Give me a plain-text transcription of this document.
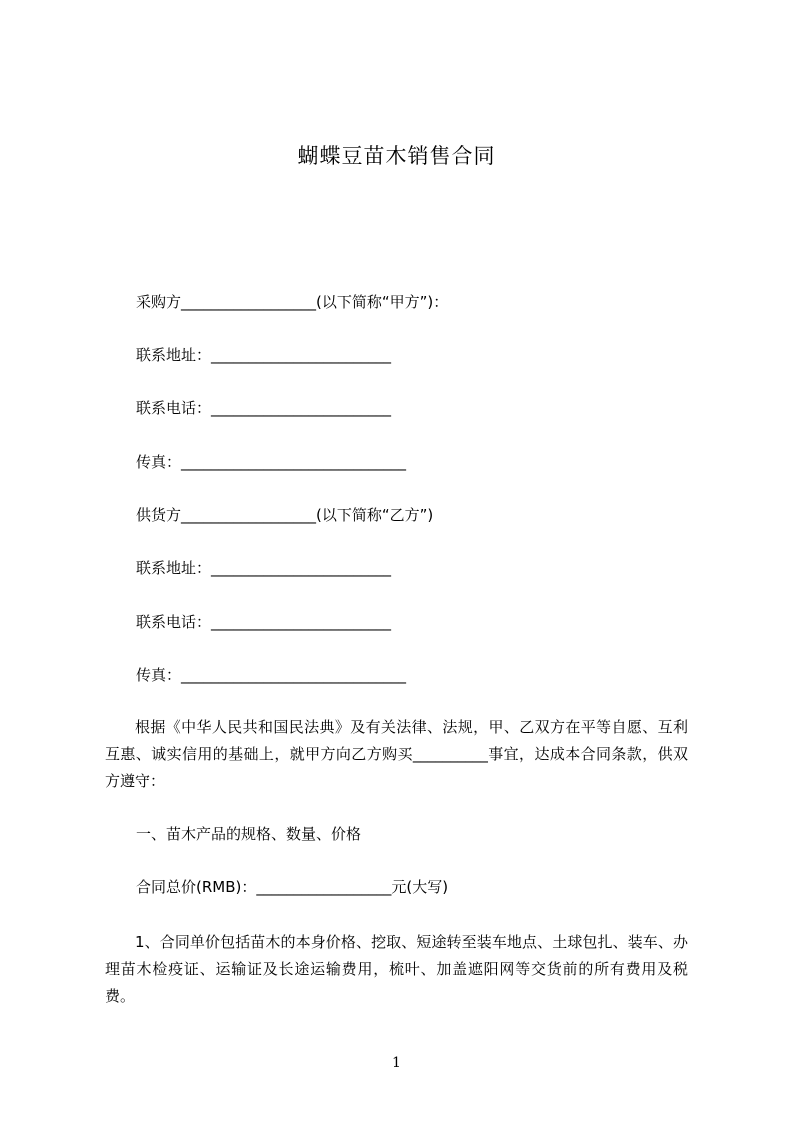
蝴蝶豆苗木销售合同
采购方__________________(以下简称“甲方”)：
联系地址：________________________
联系电话：________________________
传真：______________________________
供货方__________________(以下简称“乙方”)
联系地址：________________________
联系电话：________________________
传真：______________________________
根据《中华人民共和国民法典》及有关法律、法规，甲、乙双方在平等自愿、互利互惠、诚实信用的基础上，就甲方向乙方购买__________事宜，达成本合同条款，供双方遵守：
一、苗木产品的规格、数量、价格
合同总价(RMB)：__________________元(大写)
1、合同单价包括苗木的本身价格、挖取、短途转至装车地点、土球包扎、装车、办理苗木检疫证、运输证及长途运输费用，梳叶、加盖遮阳网等交货前的所有费用及税费。
1
